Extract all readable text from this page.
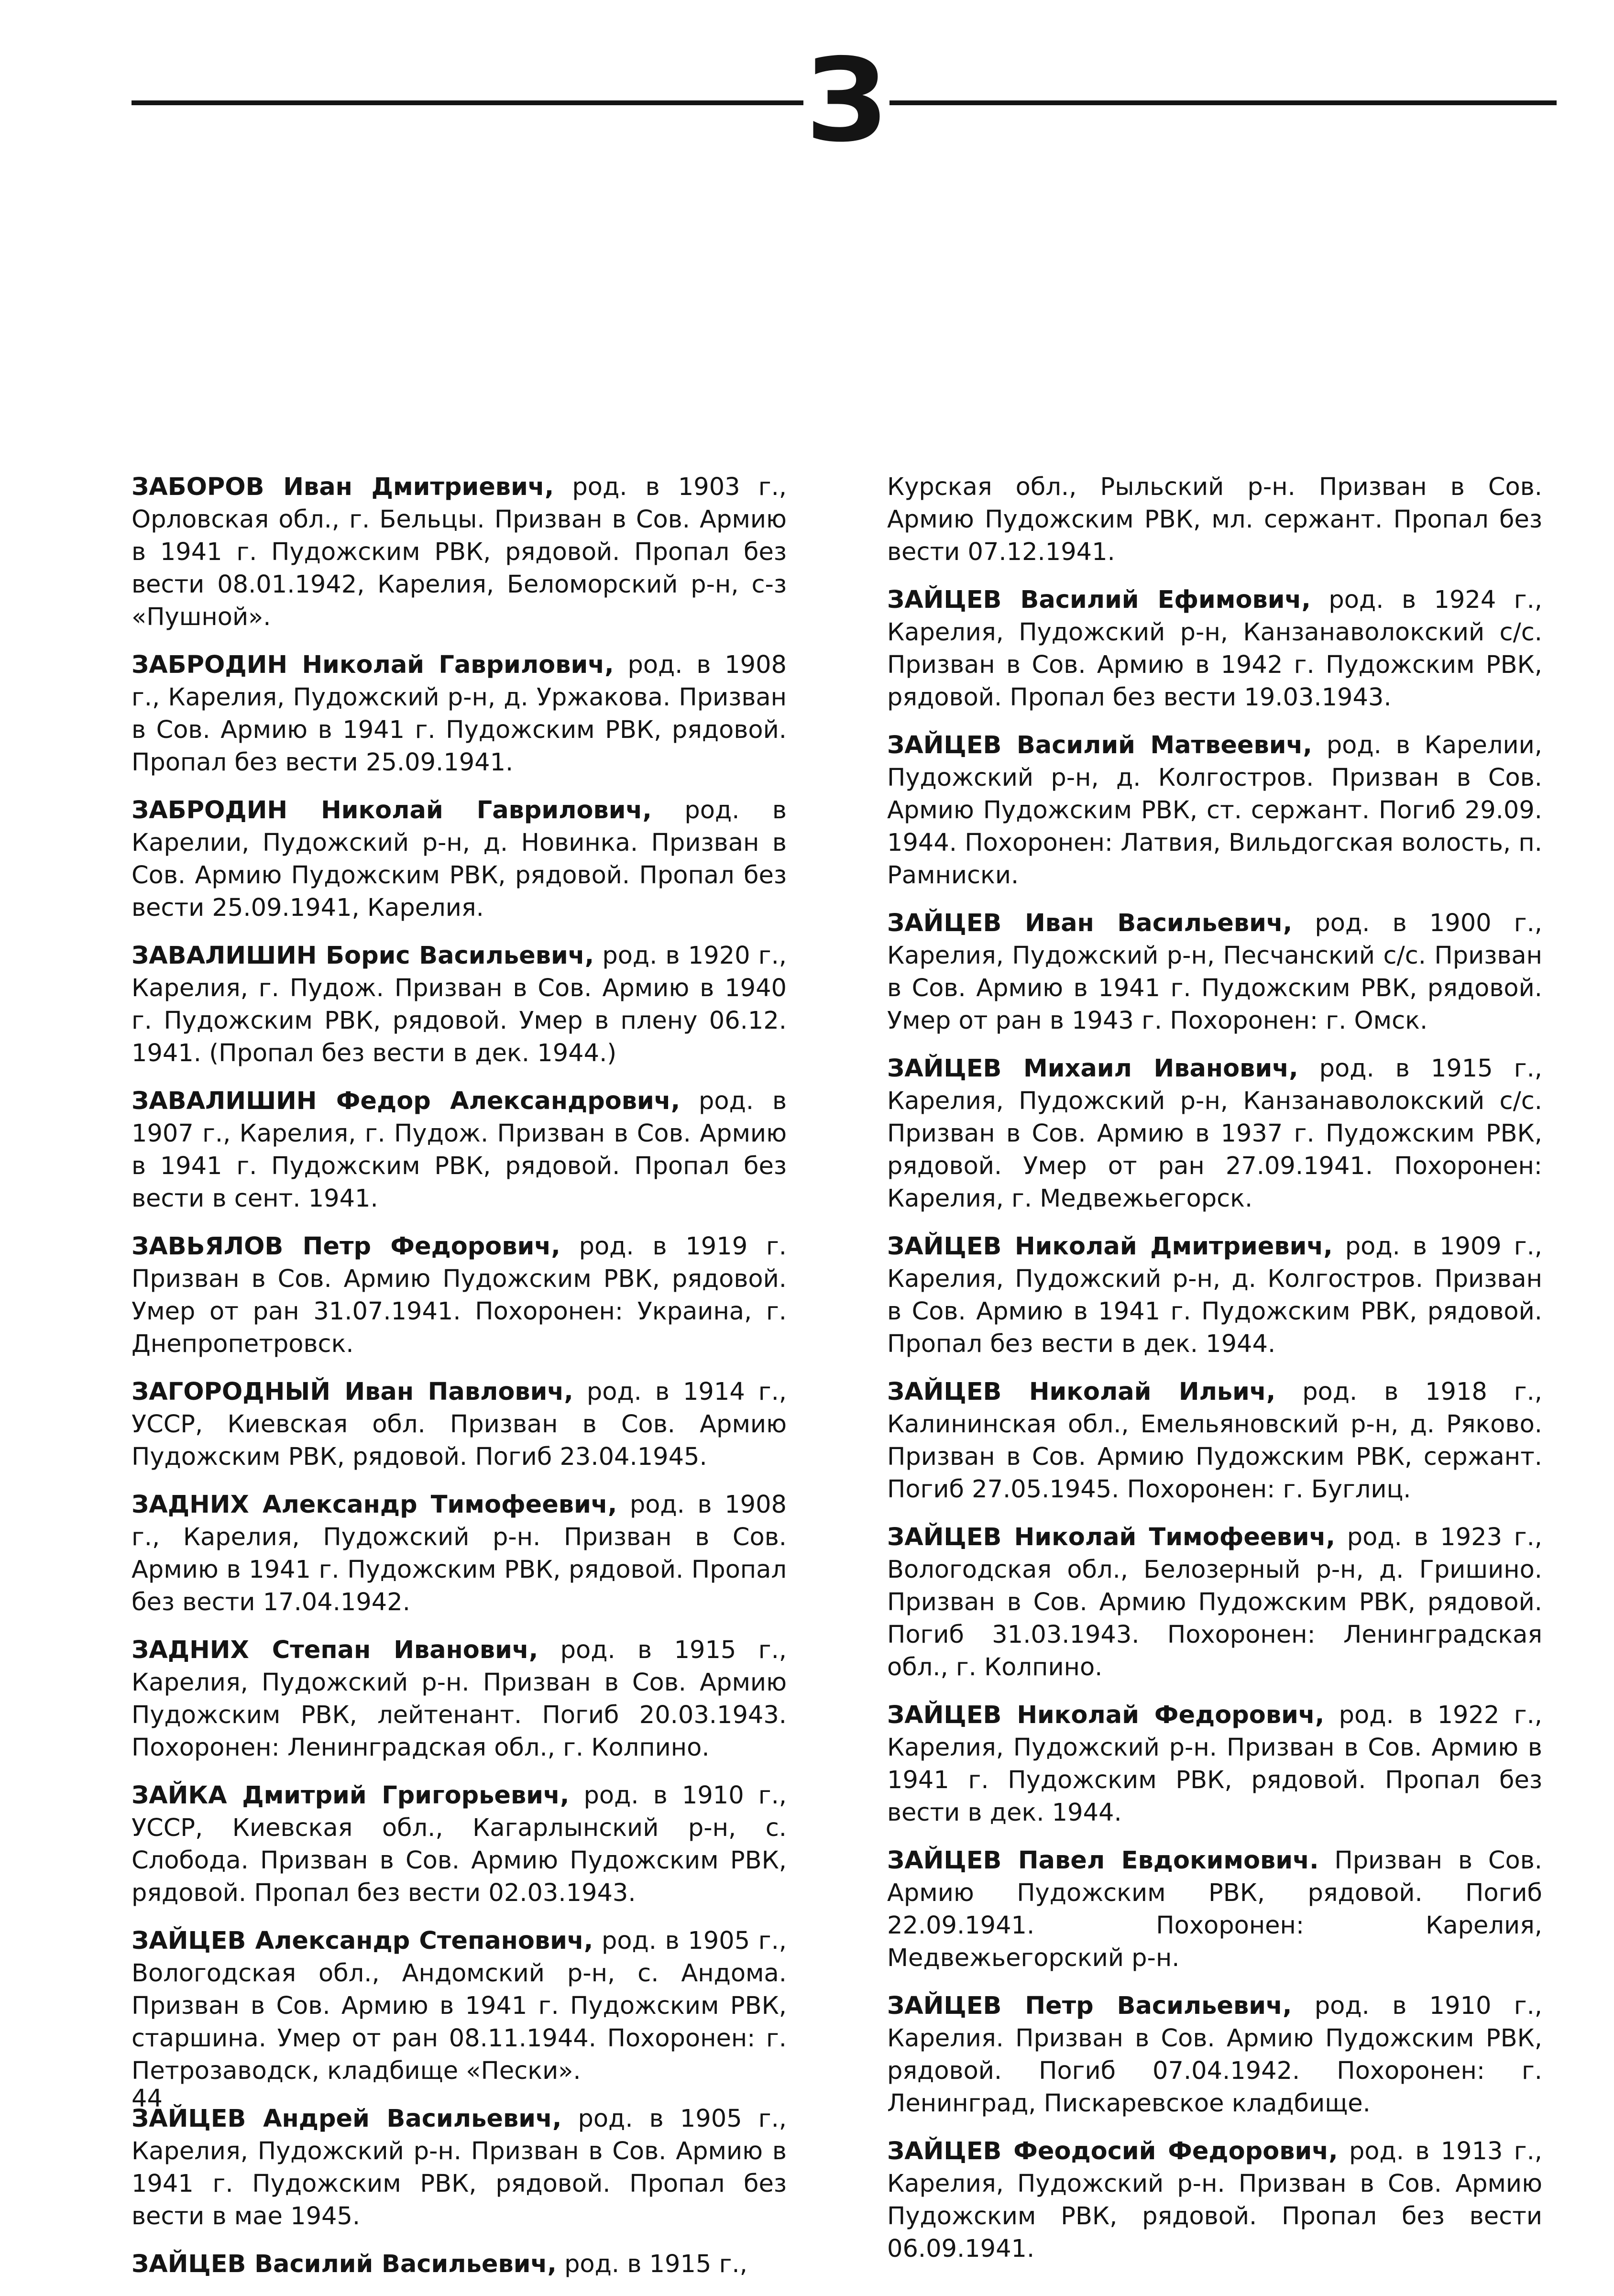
З

ЗАБОРОВ Иван Дмитриевич, род. в 1903 г., Орловская обл., г. Бельцы. Призван в Сов. Армию в 1941 г. Пудожским РВК, рядовой. Пропал без вести 08.01.1942, Карелия, Беломорский р-н, с-з «Пушной».

ЗАБРОДИН Николай Гаврилович, род. в 1908 г., Карелия, Пудожский р-н, д. Уржакова. Призван в Сов. Армию в 1941 г. Пудожским РВК, рядовой. Пропал без вести 25.09.1941.

ЗАБРОДИН Николай Гаврилович, род. в Карелии, Пудожский р-н, д. Новинка. Призван в Сов. Армию Пудожским РВК, рядовой. Пропал без вести 25.09.1941, Карелия.

ЗАВАЛИШИН Борис Васильевич, род. в 1920 г., Карелия, г. Пудож. Призван в Сов. Армию в 1940 г. Пудожским РВК, рядовой. Умер в плену 06.12. 1941. (Пропал без вести в дек. 1944.)

ЗАВАЛИШИН Федор Александрович, род. в 1907 г., Карелия, г. Пудож. Призван в Сов. Армию в 1941 г. Пудожским РВК, рядовой. Пропал без вести в сент. 1941.

ЗАВЬЯЛОВ Петр Федорович, род. в 1919 г. Призван в Сов. Армию Пудожским РВК, рядовой. Умер от ран 31.07.1941. Похоронен: Украина, г. Днепропетровск.

ЗАГОРОДНЫЙ Иван Павлович, род. в 1914 г., УССР, Киевская обл. Призван в Сов. Армию Пудожским РВК, рядовой. Погиб 23.04.1945.

ЗАДНИХ Александр Тимофеевич, род. в 1908 г., Карелия, Пудожский р-н. Призван в Сов. Армию в 1941 г. Пудожским РВК, рядовой. Пропал без вести 17.04.1942.

ЗАДНИХ Степан Иванович, род. в 1915 г., Карелия, Пудожский р-н. Призван в Сов. Армию Пудожским РВК, лейтенант. Погиб 20.03.1943. Похоронен: Ленинградская обл., г. Колпино.

ЗАЙКА Дмитрий Григорьевич, род. в 1910 г., УССР, Киевская обл., Кагарлынский р-н, с. Слобода. Призван в Сов. Армию Пудожским РВК, рядовой. Пропал без вести 02.03.1943.

ЗАЙЦЕВ Александр Степанович, род. в 1905 г., Вологодская обл., Андомский р-н, с. Андома. Призван в Сов. Армию в 1941 г. Пудожским РВК, старшина. Умер от ран 08.11.1944. Похоронен: г. Петрозаводск, кладбище «Пески».

ЗАЙЦЕВ Андрей Васильевич, род. в 1905 г., Карелия, Пудожский р-н. Призван в Сов. Армию в 1941 г. Пудожским РВК, рядовой. Пропал без вести в мае 1945.

ЗАЙЦЕВ Василий Васильевич, род. в 1915 г.,

Курская обл., Рыльский р-н. Призван в Сов. Армию Пудожским РВК, мл. сержант. Пропал без вести 07.12.1941.

ЗАЙЦЕВ Василий Ефимович, род. в 1924 г., Карелия, Пудожский р-н, Канзанаволокский с/с. Призван в Сов. Армию в 1942 г. Пудожским РВК, рядовой. Пропал без вести 19.03.1943.

ЗАЙЦЕВ Василий Матвеевич, род. в Карелии, Пудожский р-н, д. Колгостров. Призван в Сов. Армию Пудожским РВК, ст. сержант. Погиб 29.09. 1944. Похоронен: Латвия, Вильдогская волость, п. Рамниски.

ЗАЙЦЕВ Иван Васильевич, род. в 1900 г., Карелия, Пудожский р-н, Песчанский с/с. Призван в Сов. Армию в 1941 г. Пудожским РВК, рядовой. Умер от ран в 1943 г. Похоронен: г. Омск.

ЗАЙЦЕВ Михаил Иванович, род. в 1915 г., Карелия, Пудожский р-н, Канзанаволокский с/с. Призван в Сов. Армию в 1937 г. Пудожским РВК, рядовой. Умер от ран 27.09.1941. Похоронен: Карелия, г. Медвежьегорск.

ЗАЙЦЕВ Николай Дмитриевич, род. в 1909 г., Карелия, Пудожский р-н, д. Колгостров. Призван в Сов. Армию в 1941 г. Пудожским РВК, рядовой. Пропал без вести в дек. 1944.

ЗАЙЦЕВ Николай Ильич, род. в 1918 г., Калининская обл., Емельяновский р-н, д. Ряково. Призван в Сов. Армию Пудожским РВК, сержант. Погиб 27.05.1945. Похоронен: г. Буглиц.

ЗАЙЦЕВ Николай Тимофеевич, род. в 1923 г., Вологодская обл., Белозерный р-н, д. Гришино. Призван в Сов. Армию Пудожским РВК, рядовой. Погиб 31.03.1943. Похоронен: Ленинградская обл., г. Колпино.

ЗАЙЦЕВ Николай Федорович, род. в 1922 г., Карелия, Пудожский р-н. Призван в Сов. Армию в 1941 г. Пудожским РВК, рядовой. Пропал без вести в дек. 1944.

ЗАЙЦЕВ Павел Евдокимович. Призван в Сов. Армию Пудожским РВК, рядовой. Погиб 22.09.1941. Похоронен: Карелия, Медвежьегорский р-н.

ЗАЙЦЕВ Петр Васильевич, род. в 1910 г., Карелия. Призван в Сов. Армию Пудожским РВК, рядовой. Погиб 07.04.1942. Похоронен: г. Ленинград, Пискаревское кладбище.

ЗАЙЦЕВ Феодосий Федорович, род. в 1913 г., Карелия, Пудожский р-н. Призван в Сов. Армию Пудожским РВК, рядовой. Пропал без вести 06.09.1941.

44
